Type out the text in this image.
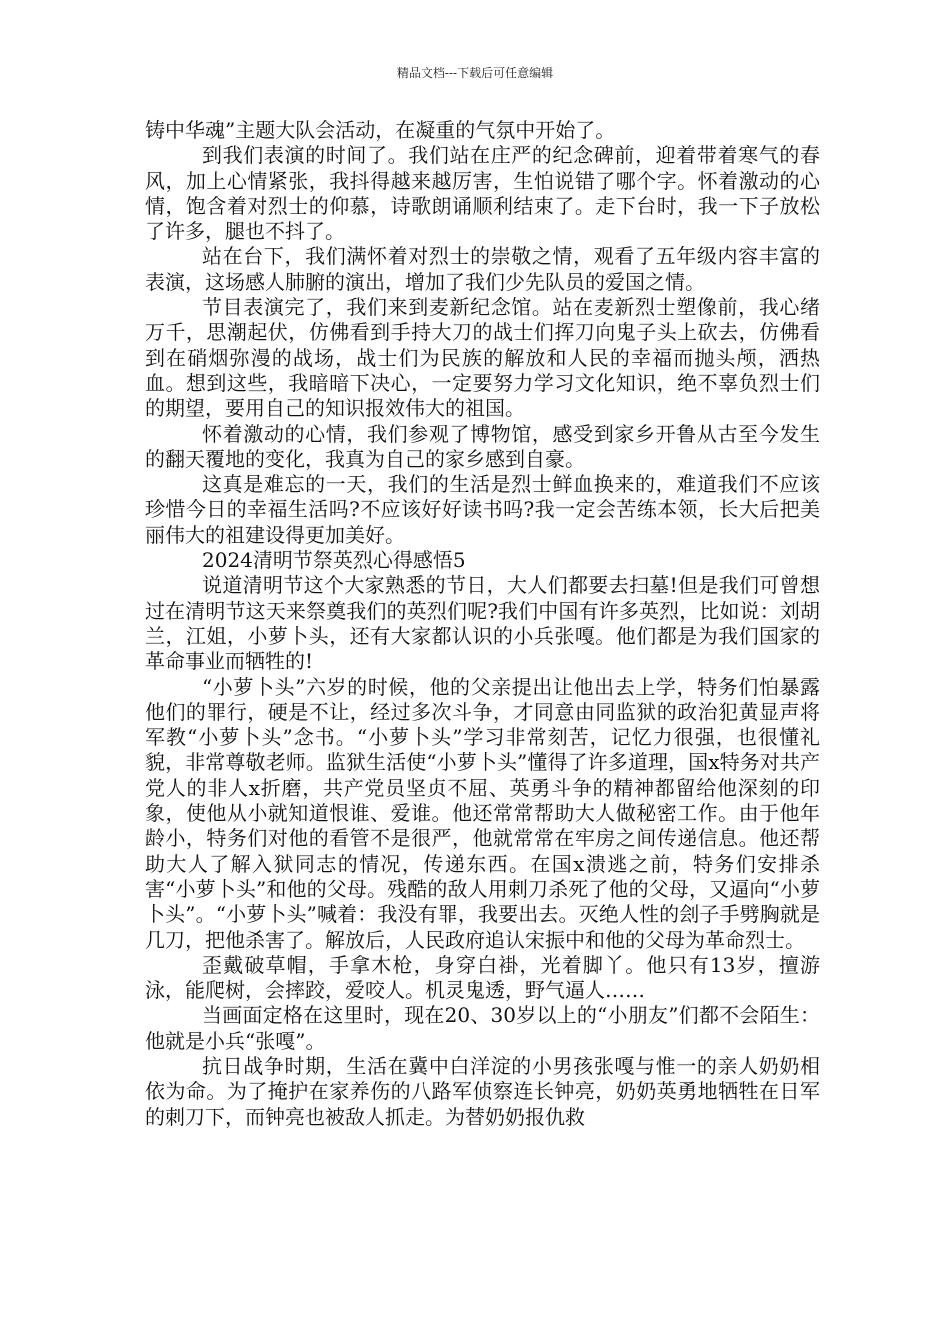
精品文档---下载后可任意编辑

铸中华魂”主题大队会活动，在凝重的气氛中开始了。

到我们表演的时间了。我们站在庄严的纪念碑前，迎着带着寒气的春风，加上心情紧张，我抖得越来越厉害，生怕说错了哪个字。怀着激动的心情，饱含着对烈士的仰慕，诗歌朗诵顺利结束了。走下台时，我一下子放松了许多，腿也不抖了。

站在台下，我们满怀着对烈士的崇敬之情，观看了五年级内容丰富的表演，这场感人肺腑的演出，增加了我们少先队员的爱国之情。

节目表演完了，我们来到麦新纪念馆。站在麦新烈士塑像前，我心绪万千，思潮起伏，仿佛看到手持大刀的战士们挥刀向鬼子头上砍去，仿佛看到在硝烟弥漫的战场，战士们为民族的解放和人民的幸福而抛头颅，洒热血。想到这些，我暗暗下决心，一定要努力学习文化知识，绝不辜负烈士们的期望，要用自己的知识报效伟大的祖国。

怀着激动的心情，我们参观了博物馆，感受到家乡开鲁从古至今发生的翻天覆地的变化，我真为自己的家乡感到自豪。

这真是难忘的一天，我们的生活是烈士鲜血换来的，难道我们不应该珍惜今日的幸福生活吗?不应该好好读书吗?我一定会苦练本领，长大后把美丽伟大的祖建设得更加美好。

2024清明节祭英烈心得感悟5

说道清明节这个大家熟悉的节日，大人们都要去扫墓!但是我们可曾想过在清明节这天来祭奠我们的英烈们呢?我们中国有许多英烈，比如说：刘胡兰，江姐，小萝卜头，还有大家都认识的小兵张嘎。他们都是为我们国家的革命事业而牺牲的!

“小萝卜头”六岁的时候，他的父亲提出让他出去上学，特务们怕暴露他们的罪行，硬是不让，经过多次斗争，才同意由同监狱的政治犯黄显声将军教“小萝卜头”念书。“小萝卜头”学习非常刻苦，记忆力很强，也很懂礼貌，非常尊敬老师。监狱生活使“小萝卜头”懂得了许多道理，国x特务对共产党人的非人x折磨，共产党员坚贞不屈、英勇斗争的精神都留给他深刻的印象，使他从小就知道恨谁、爱谁。他还常常帮助大人做秘密工作。由于他年龄小，特务们对他的看管不是很严，他就常常在牢房之间传递信息。他还帮助大人了解入狱同志的情况，传递东西。在国x溃逃之前，特务们安排杀害“小萝卜头”和他的父母。残酷的敌人用刺刀杀死了他的父母，又逼向“小萝卜头”。“小萝卜头”喊着：我没有罪，我要出去。灭绝人性的刽子手劈胸就是几刀，把他杀害了。解放后，人民政府追认宋振中和他的父母为革命烈士。

歪戴破草帽，手拿木枪，身穿白褂，光着脚丫。他只有13岁，擅游泳，能爬树，会摔跤，爱咬人。机灵鬼透，野气逼人……

当画面定格在这里时，现在20、30岁以上的“小朋友”们都不会陌生：他就是小兵“张嘎”。

抗日战争时期，生活在冀中白洋淀的小男孩张嘎与惟一的亲人奶奶相依为命。为了掩护在家养伤的八路军侦察连长钟亮，奶奶英勇地牺牲在日军的刺刀下，而钟亮也被敌人抓走。为替奶奶报仇救
